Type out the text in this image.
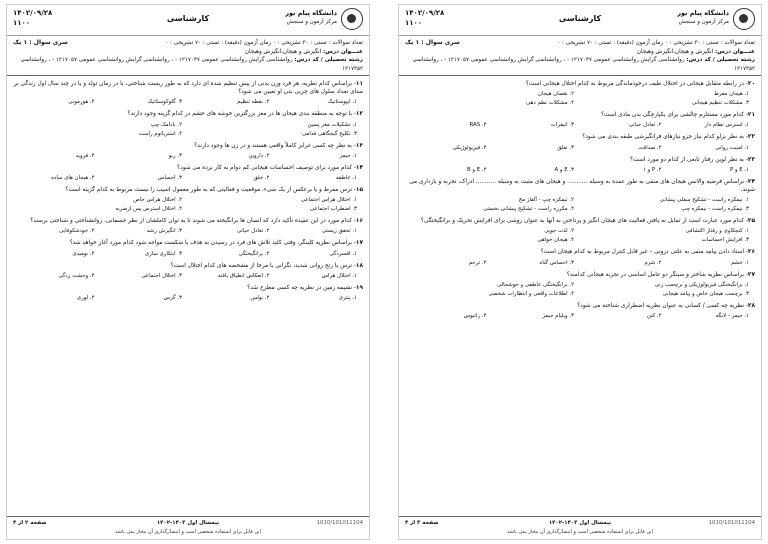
دانشگاه پیام نور
مرکز آزمون و سنجش
کارشناسی
۱۴۰۲/۰۹/۲۸
۱۱۰۰
تعداد سوالات : تستی : ۳۰ تشریحی : ۰ زمان آزمون (دقیقه) : تستی : ۷۰ تشریحی : ۰
سری سوال : ۱ یک
عنـــوان درس: انگیزش و هیجان،انگیزش وهیجان
رشته تحصیلی / کد درس: روانشناسی گرایش روانشناسی عمومی ۱۲۱۷۰۴۷ - ، روانشناسی گرایش روانشناسی عمومی ۱۲۱۷۰۵۷ - ، روانشناسی ۱۲۱۷۳۵۲
۱۱- براساس کدام نظریه، هر فرد وزن بدنی از پیش تنظیم شده ای دارد که به طور زیست شناختی، با در زمان تولد و یا در چند سال اول زندگی بر مبنای تعداد سلول های چربی بدن او تعیین می شود؟
۱. ایپوستاتیک
۲. نقطه تنظیم
۳. گلوکوستاتیک
۴. هورمونی
۱۲- با توجه به منطقه بندی هیجان ها در مغز بزرگترین خوشه های خشم در کدام گزینه وجود دارند؟
۱. تشکیلات مغز پسین
۲. بادامک چپ
۳. تکلیح گیجگاهی قدامی
۴. استریاتوم راست
۱۳- به نظر چه کسی غرایز کاملاً واقعی هستند و در زن ها وجود دارند؟
۱. جیمز
۲. داروین
۳. ریو
۴. فروید
۱۴- کدام مورد برای توصیف احساسات هیجانی کم دوام به کار برده می شود؟
۱. عاطفه
۲. خلق
۳. احساس
۴. هیجان های ساده
۱۵- ترس مفرط و یا برعکس از یک شیء، موقعیت و فعالیتی که به طور معمول اسیب زا نیست مربوط به کدام گزینه است؟
۱. اختلال هراس اجتماعی
۲. اختلال هراس خاص
۳. اضطراب اجتماعی
۴. اختلال استرس پس ازضربه
۱۶- کدام مورد در این عقیده تأکید دارد که انسان ها برانگیخته می شوند تا به توان کاملشان از نظر جسمانی، روانشناختی و شناختی برسند؟
۱. تحقق زیستی
۲. تعادل حیاتی
۳. انگیزش رشد
۴. خودشکوفایی
۱۷- براساس نظریه کلینگر، وقتی کلید تلاش های فرد در رسیدن به هدف با شکست مواجه شود کدام مورد آغاز خواهد شد؟
۱. افسردگی
۲. برانگیختگی
۳. ابتکاری سازی
۴. نومیدی
۱۸- ترس یا رنج روانی شدید، نگرانی یا مرخا از مشخصه های کدام اختلال است؟
۱. اختلال هراس
۲. انعکاس انطباق یافته
۳. اختلال اجتماعی
۴. وحشت زدگی
۱۹- نشیمه زمین در نظریه چه کسی مطرح شد؟
۱. پنتری
۲. بولس
۳. گرس
۴. لوری
صفحه ۲ از ۴	نیمسال اول ۱۴۰۳-۱۴۰۲	1010/101011104
این فایل برای استفاده شخصی است و انتشارگذاری آن مجاز نمی باشد
دانشگاه پیام نور
مرکز آزمون و سنجش
کارشناسی
۱۴۰۲/۰۹/۲۸
۱۱۰۰
تعداد سوالات : تستی : ۳۰ تشریحی : ۰ زمان آزمون (دقیقه) : تستی : ۷۰ تشریحی : ۰
سری سوال : ۱ یک
عنـــوان درس: انگیزش و هیجان،انگیزش وهیجان
رشته تحصیلی / کد درس: روانشناسی گرایش روانشناسی عمومی ۱۲۱۷۰۴۷ - ، روانشناسی گرایش روانشناسی عمومی ۱۲۱۷۰۵۷ - ، روانشناسی ۱۲۱۷۳۵۲
۲۰- در رابطه متقابل هیجانی در اختلال طیف درخودماندگی مربوط به کدام اختلال هیجانی است؟
۱. هیجان مفرط
۲. نقصان هیجان
۳. مشکلات تنظیم هیجانی
۴. مشکلات نظم دهی
۲۱- کدام مورد مستلزم چالشی برای یکپارچگی بدن مادی است؟
۱. استرس نظام دار
۲. تعادل حیاتی
۳. اتیقرات
۴. RAS
۲۲- به نظر بزلو کدام نیاز جزو نیازهای فرانگیزشی طبقه بندی می شود؟
۱. امنیت روانی
۲. صداقت
۳. تعلق
۴. فیزیولوژیکی
۲۳- به نظر لوین رفتار تابعی از کدام دو مورد است؟
۱. E و P
۲. P و ۱
۳. E و A
۴. E و B
۲۴- براساس فرضیه والانس هیجان های منفی به طور عمده به وسیله ........... و هیجان های مثبت به وسیله ........... ادراک، تجربه و بازداری می شوند.
۱. نیمکره راست - تشکیح سفلی پیشانی
۲. نیمکره چپ - آلفاز مخ
۳. نیمکره راست - نیمکره چپ
۴. مکرره راست - تشکیح پیشانی نخستی
۲۵- کدام مورد عبارت است از تمایل به یافتن فعالیت های هیجان انگیز و پرداختن به آنها به عنوان روشی برای افزایش تحریک و برانگیختگی؟
۱. کنجکاوی و رفتار اکتشافی
۲. لذت جویی
۳. افزایش احساسات
۴. هیجان خواهی
۲۶- استاد دادن پیامد منفی به علتی درونی – غیر قابل کنترل مربوط به کدام هیجان است؟
۱. خشم
۲. شرم
۳. احساس گناه
۴. ترحم
۲۷- براساس نظریه شاختر و سینگر دو عامل اساسی در تجربه هیجانی کدامند؟
۱. برانگیختگی فیزیولوژیکی و برچسب زنی
۲. برانگیختگی عاطفی و خوشحالی
۳. برچسب هیجان خاص و پیامد هیجانی
۴. اطلاعات واقعی و انتظارات شخصی
۲۸- نظریه چه کسی / کسانی به عنوان نظریه اضطراری شناخته می شود؟
۱. جیمز - لانگه
۲. کنن
۳. ویلیام جیمز
۴. راتبوس
صفحه ۳ از ۴	نیمسال اول ۱۴۰۳-۱۴۰۲	1010/101011104
این فایل برای استفاده شخصی است و انتشارگذاری آن مجاز نمی باشد
